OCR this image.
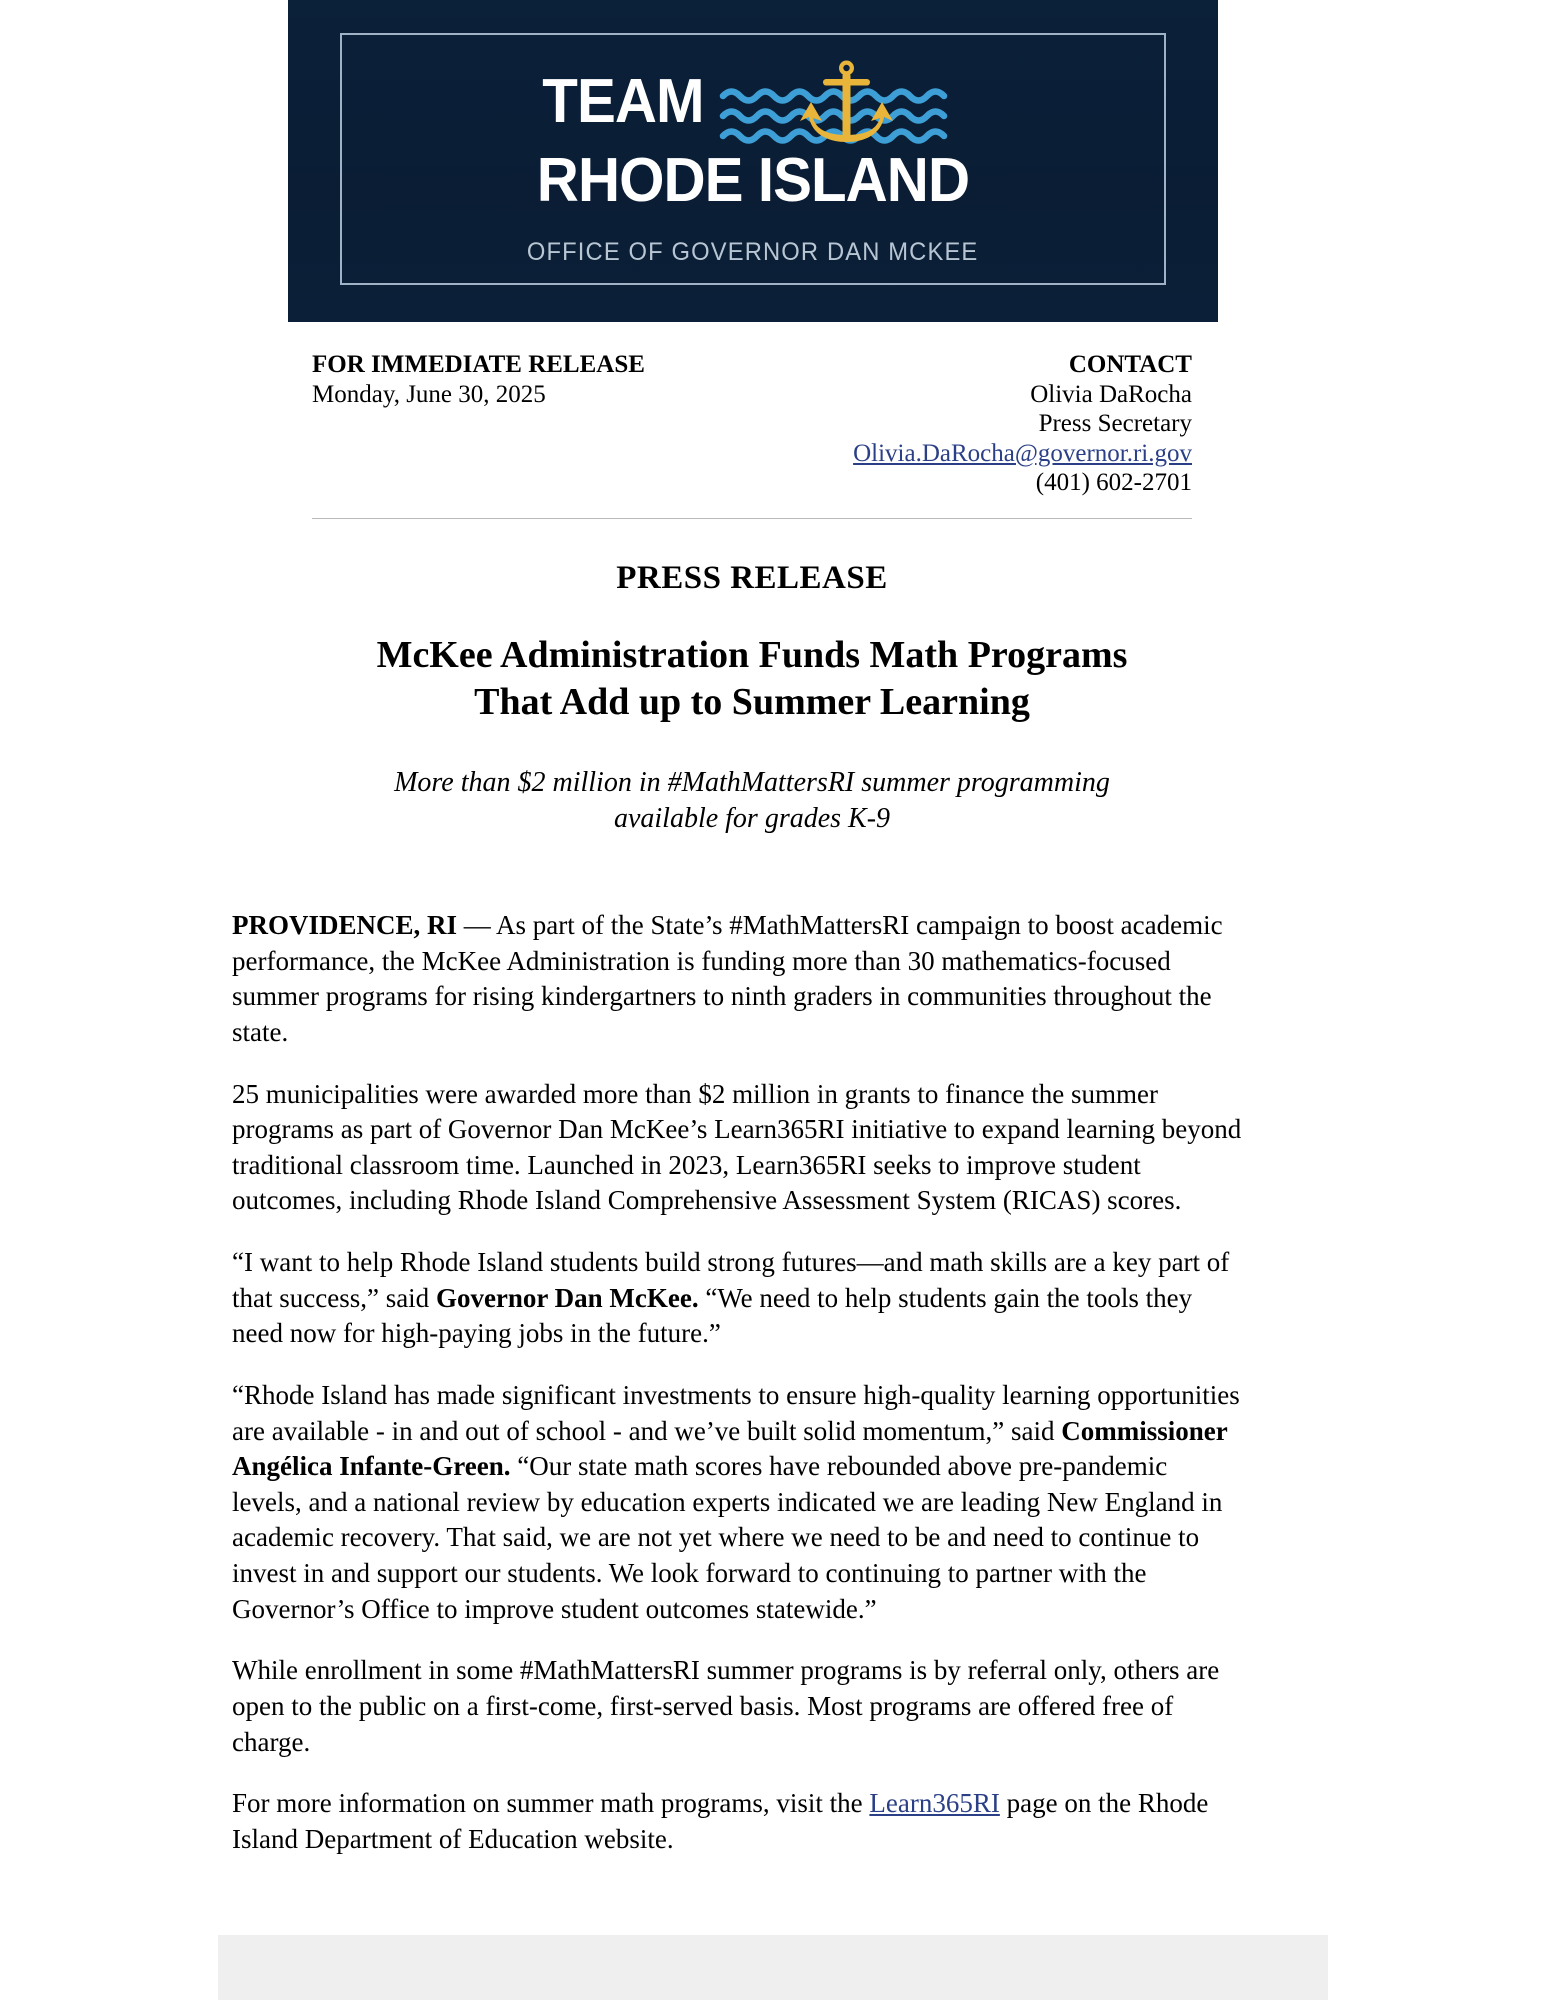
TEAM
RHODE ISLAND
OFFICE OF GOVERNOR DAN MCKEE
FOR IMMEDIATE RELEASE
Monday, June 30, 2025
CONTACT
Olivia DaRocha
Press Secretary
Olivia.DaRocha@governor.ri.gov
(401) 602-2701
PRESS RELEASE
McKee Administration Funds Math Programs
That Add up to Summer Learning
More than $2 million in #MathMattersRI summer programming
available for grades K-9

PROVIDENCE, RI — As part of the State’s #MathMattersRI campaign to boost academic performance, the McKee Administration is funding more than 30 mathematics-focused summer programs for rising kindergartners to ninth graders in communities throughout the state.

25 municipalities were awarded more than $2 million in grants to finance the summer programs as part of Governor Dan McKee’s Learn365RI initiative to expand learning beyond traditional classroom time. Launched in 2023, Learn365RI seeks to improve student outcomes, including Rhode Island Comprehensive Assessment System (RICAS) scores.

“I want to help Rhode Island students build strong futures—and math skills are a key part of that success,” said Governor Dan McKee. “We need to help students gain the tools they need now for high-paying jobs in the future.”

“Rhode Island has made significant investments to ensure high-quality learning opportunities are available - in and out of school - and we’ve built solid momentum,” said Commissioner Angélica Infante-Green. “Our state math scores have rebounded above pre-pandemic levels, and a national review by education experts indicated we are leading New England in academic recovery. That said, we are not yet where we need to be and need to continue to invest in and support our students. We look forward to continuing to partner with the Governor’s Office to improve student outcomes statewide.”

While enrollment in some #MathMattersRI summer programs is by referral only, others are open to the public on a first-come, first-served basis. Most programs are offered free of charge.

For more information on summer math programs, visit the Learn365RI page on the Rhode Island Department of Education website.
